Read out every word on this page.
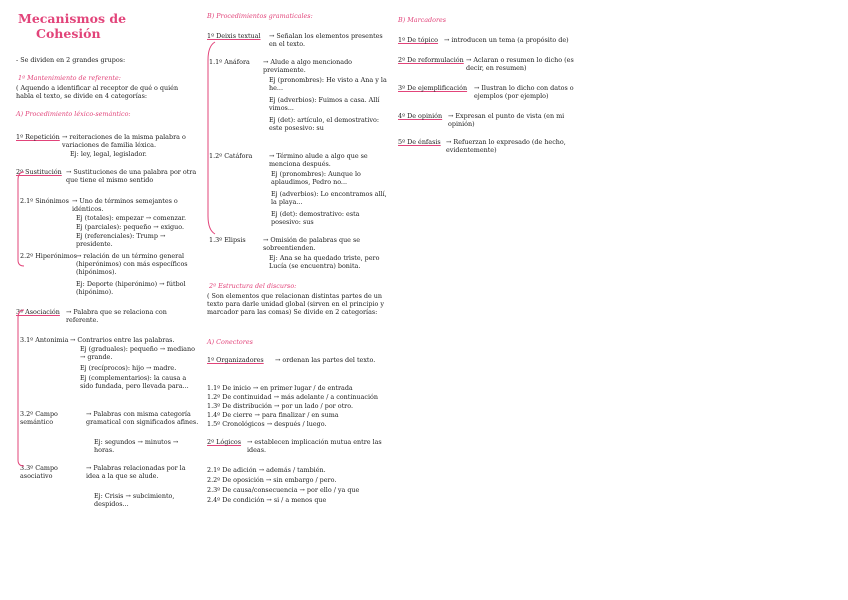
Mecanismos de
Cohesión
- Se dividen en 2 grandes grupos:
1º Mantenimiento de referente:
( Aquendo a identificar al receptor de qué o quién habla el texto, se divide en 4 categorías:
A) Procedimiento léxico-semántico:
1º Repetición → reiteraciones de la misma palabra o variaciones de familia léxica.
Ej: ley, legal, legislador.
2º Sustitución → Sustituciones de una palabra por otra que tiene el mismo sentido
2.1º Sinónimos → Uno de términos semejantes o idénticos.
Ej (totales): empezar → comenzar.
Ej (parciales): pequeño → exiguo.
Ej (referenciales): Trump → presidente.
2.2º Hiperónimos → relación de un término general (hiperónimos) con más específicos (hipónimos).
Ej: Deporte (hiperónimo) → fútbol (hipónimo).
3º Asociación → Palabra que se relaciona con referente.
3.1º Antonimia → Contrarios entre las palabras.
Ej (graduales): pequeño → mediano → grande.
Ej (recíprocos): hijo → madre.
Ej (complementarios): la causa a sido fundada, pero llevada para...
3.2º Campo semántico
→ Palabras con misma categoría gramatical con significados afines.
Ej: segundos → minutos → horas.
3.3º Campo asociativo
→ Palabras relacionadas por la idea a la que se alude.
Ej: Crisis → subcimiento, despidos...
B) Procedimientos gramaticales:
1º Deixis textual → Señalan los elementos presentes en el texto.
1.1º Anáfora → Alude a algo mencionado previamente.
Ej (pronombres): He visto a Ana y la he...
Ej (adverbios): Fuimos a casa. Allí vimos...
Ej (det): artículo, el demostrativo: este posesivo: su
1.2º Catáfora	→ Término alude a algo que se menciona después.
Ej (pronombres): Aunque lo aplaudimos, Pedro no...
Ej (adverbios): Lo encontramos allí, la playa...
Ej (det): demostrativo: esta posesivo: sus
1.3º Elipsis	→ Omisión de palabras que se sobreentienden.
Ej: Ana se ha quedado triste, pero Lucía (se encuentra) bonita.
2º Estructura del discurso:
( Son elementos que relacionan distintas partes de un texto para darle unidad global (sirven en el principio y marcador para las comas) Se divide en 2 categorías:
A) Conectores
1º Organizadores → ordenan las partes del texto.
1.1º De inicio → en primer lugar / de entrada
1.2º De continuidad → más adelante / a continuación
1.3º De distribución → por un lado / por otro.
1.4º De cierre → para finalizar / en suma
1.5º Cronológicos → después / luego.
2º Lógicos → establecen implicación mutua entre las ideas.
2.1º De adición → además / también.
2.2º De oposición → sin embargo / pero.
2.3º De causa/consecuencia → por ello / ya que
2.4º De condición → si / a menos que
B) Marcadores
1º De tópico → introducen un tema (a propósito de)
2º De reformulación → Aclaran o resumen lo dicho (es decir, en resumen)
3º De ejemplificación → Ilustran lo dicho con datos o ejemplos (por ejemplo)
4º De opinión → Expresan el punto de vista (en mi opinión)
5º De énfasis → Refuerzan lo expresado (de hecho, evidentemente)
